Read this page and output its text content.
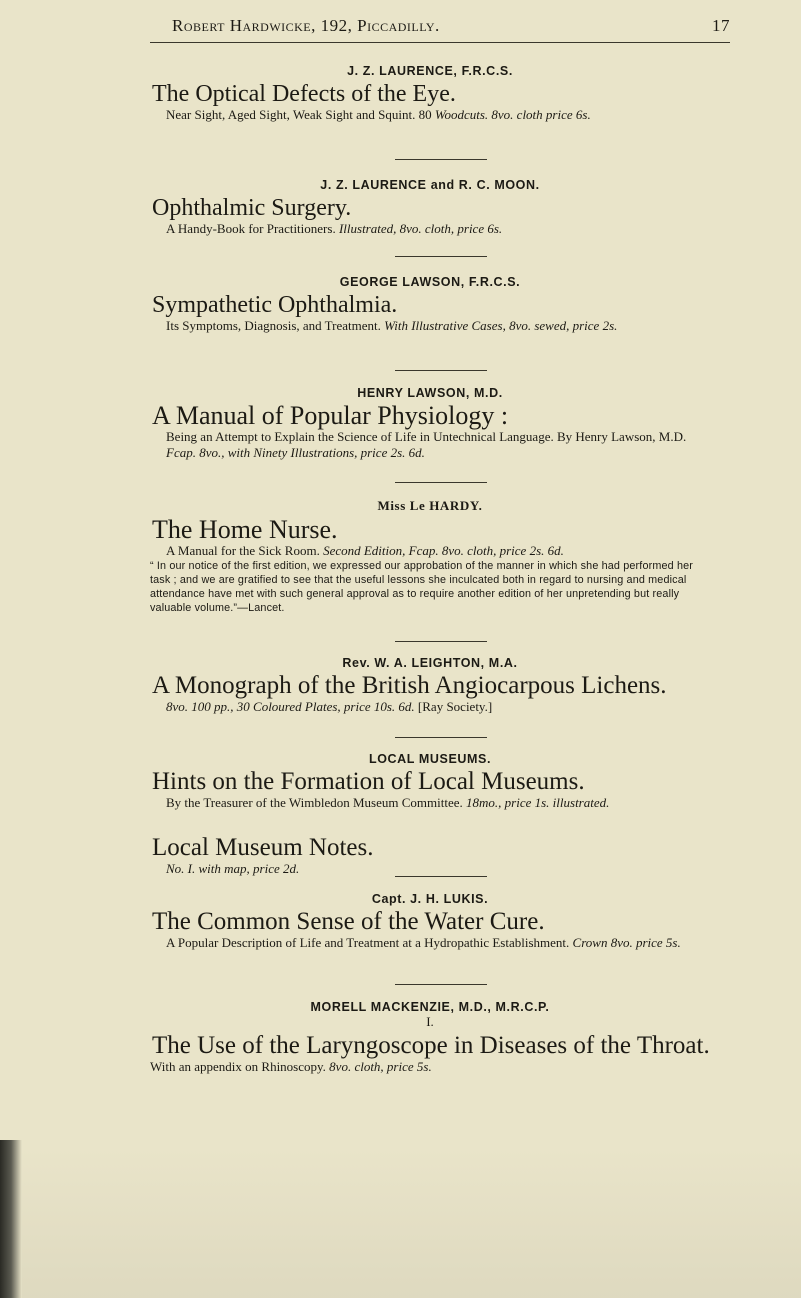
Robert Hardwicke, 192, Piccadilly.	17
J. Z. LAURENCE, F.R.C.S.
The Optical Defects of the Eye.
Near Sight, Aged Sight, Weak Sight and Squint. 80 Woodcuts. 8vo. cloth price 6s.
J. Z. LAURENCE and R. C. MOON.
Ophthalmic Surgery.
A Handy-Book for Practitioners. Illustrated, 8vo. cloth, price 6s.
GEORGE LAWSON, F.R.C.S.
Sympathetic Ophthalmia.
Its Symptoms, Diagnosis, and Treatment. With Illustrative Cases, 8vo. sewed, price 2s.
HENRY LAWSON, M.D.
A Manual of Popular Physiology :
Being an Attempt to Explain the Science of Life in Untechnical Language. By Henry Lawson, M.D. Fcap. 8vo., with Ninety Illustrations, price 2s. 6d.
Miss Le HARDY.
The Home Nurse.
A Manual for the Sick Room. Second Edition, Fcap. 8vo. cloth, price 2s. 6d.
“ In our notice of the first edition, we expressed our approbation of the manner in which she had performed her task ; and we are gratified to see that the useful lessons she inculcated both in regard to nursing and medical attendance have met with such general approval as to require another edition of her unpretending but really valuable volume.”—Lancet.
Rev. W. A. LEIGHTON, M.A.
A Monograph of the British Angiocarpous Lichens.
8vo. 100 pp., 30 Coloured Plates, price 10s. 6d. [Ray Society.]
LOCAL MUSEUMS.
Hints on the Formation of Local Museums.
By the Treasurer of the Wimbledon Museum Committee. 18mo., price 1s. illustrated.
Local Museum Notes.
No. I. with map, price 2d.
Capt. J. H. LUKIS.
The Common Sense of the Water Cure.
A Popular Description of Life and Treatment at a Hydropathic Establishment. Crown 8vo. price 5s.
MORELL MACKENZIE, M.D., M.R.C.P.
I.
The Use of the Laryngoscope in Diseases of the Throat.
With an appendix on Rhinoscopy. 8vo. cloth, price 5s.
